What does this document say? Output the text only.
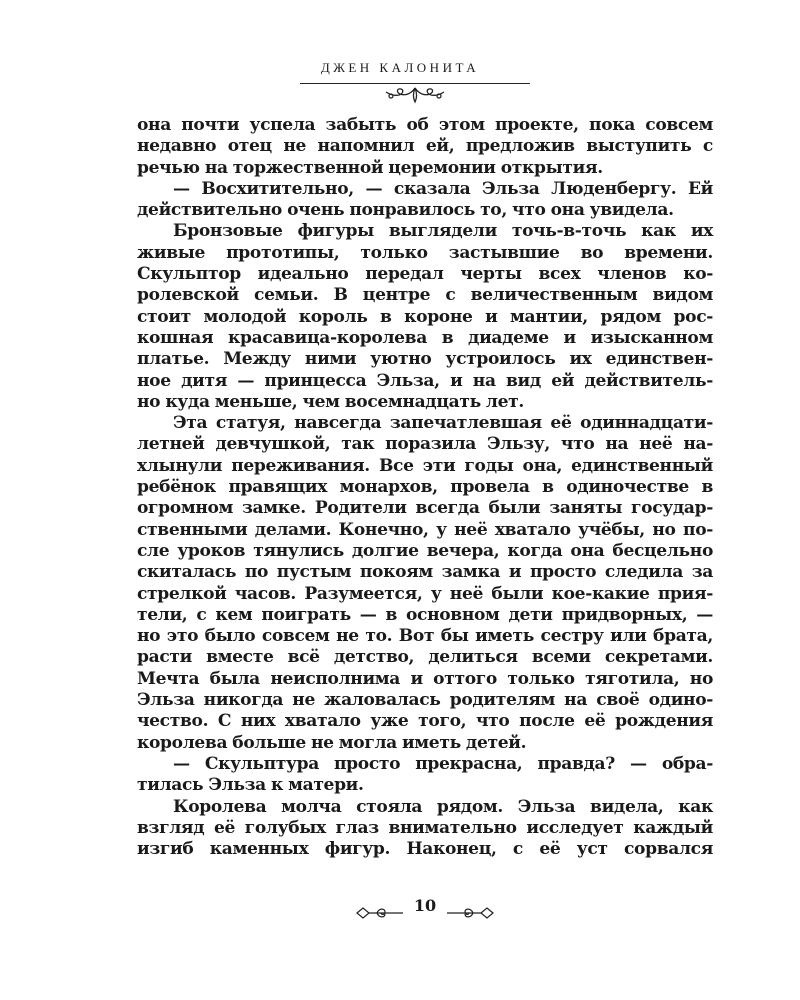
ДЖЕН КАЛОНИТА
она почти успела забыть об этом проекте, пока совсем
недавно отец не напомнил ей, предложив выступить с
речью на торжественной церемонии открытия.
— Восхитительно, — сказала Эльза Люденбергу. Ей
действительно очень понравилось то, что она увидела.
Бронзовые фигуры выглядели точь-в-точь как их
живые прототипы, только застывшие во времени.
Скульптор идеально передал черты всех членов ко-
ролевской семьи. В центре с величественным видом
стоит молодой король в короне и мантии, рядом рос-
кошная красавица-королева в диадеме и изысканном
платье. Между ними уютно устроилось их единствен-
ное дитя — принцесса Эльза, и на вид ей действитель-
но куда меньше, чем восемнадцать лет.
Эта статуя, навсегда запечатлевшая её одиннадцати-
летней девчушкой, так поразила Эльзу, что на неё на-
хлынули переживания. Все эти годы она, единственный
ребёнок правящих монархов, провела в одиночестве в
огромном замке. Родители всегда были заняты государ-
ственными делами. Конечно, у неё хватало учёбы, но по-
сле уроков тянулись долгие вечера, когда она бесцельно
скиталась по пустым покоям замка и просто следила за
стрелкой часов. Разумеется, у неё были кое-какие прия-
тели, с кем поиграть — в основном дети придворных, —
но это было совсем не то. Вот бы иметь сестру или брата,
расти вместе всё детство, делиться всеми секретами.
Мечта была неисполнима и оттого только тяготила, но
Эльза никогда не жаловалась родителям на своё одино-
чество. С них хватало уже того, что после её рождения
королева больше не могла иметь детей.
— Скульптура просто прекрасна, правда? — обра-
тилась Эльза к матери.
Королева молча стояла рядом. Эльза видела, как
взгляд её голубых глаз внимательно исследует каждый
изгиб каменных фигур. Наконец, с её уст сорвался
10
